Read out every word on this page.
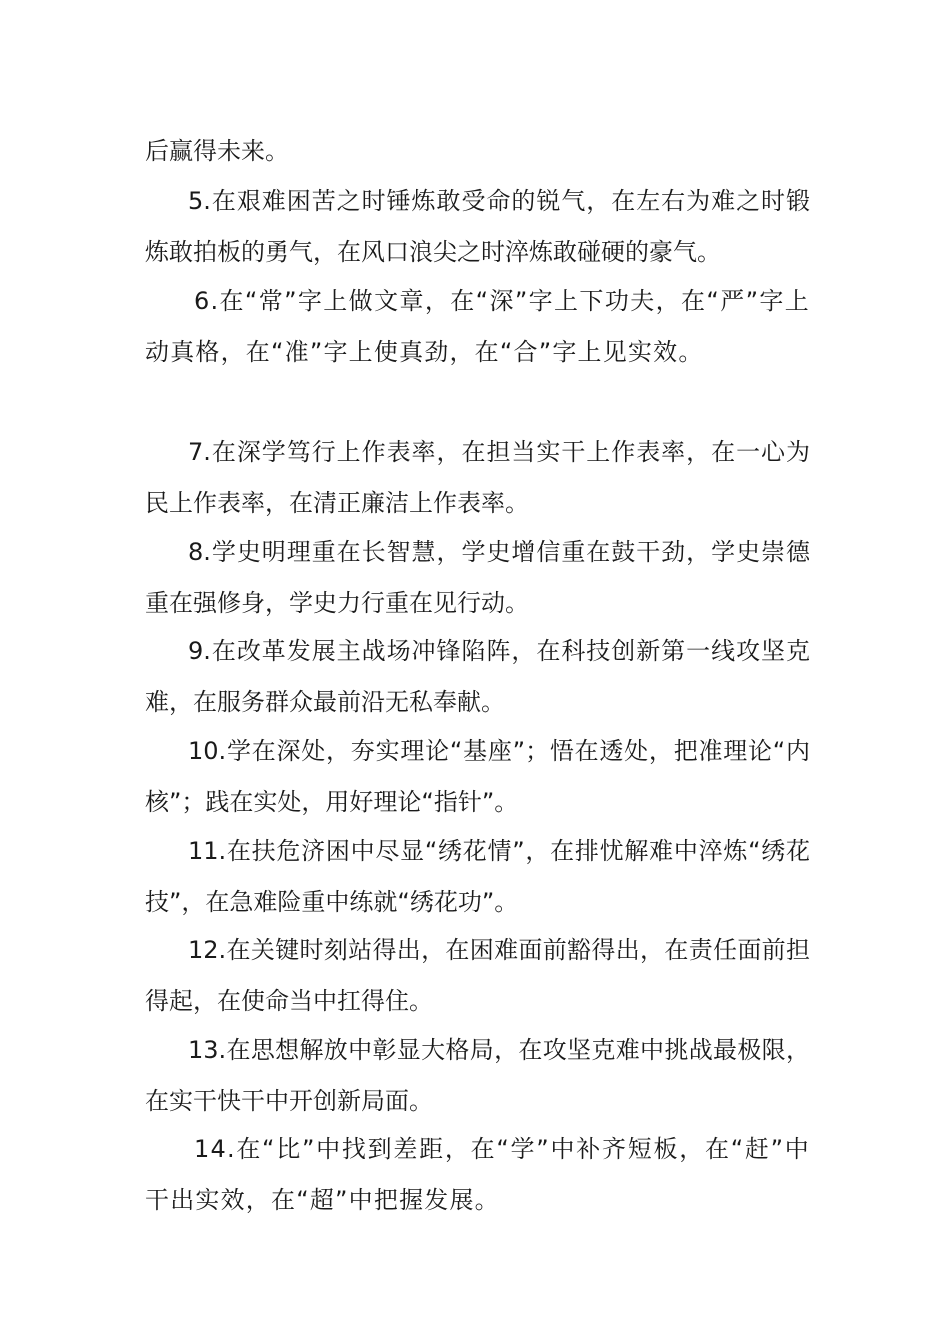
后赢得未来。

5.在艰难困苦之时锤炼敢受命的锐气，在左右为难之时锻炼敢拍板的勇气，在风口浪尖之时淬炼敢碰硬的豪气。

6.在“常”字上做文章，在“深”字上下功夫，在“严”字上动真格，在“准”字上使真劲，在“合”字上见实效。

7.在深学笃行上作表率，在担当实干上作表率，在一心为民上作表率，在清正廉洁上作表率。

8.学史明理重在长智慧，学史增信重在鼓干劲，学史崇德重在强修身，学史力行重在见行动。

9.在改革发展主战场冲锋陷阵，在科技创新第一线攻坚克难，在服务群众最前沿无私奉献。

10.学在深处，夯实理论“基座”；悟在透处，把准理论“内核”；践在实处，用好理论“指针”。

11.在扶危济困中尽显“绣花情”，在排忧解难中淬炼“绣花技”，在急难险重中练就“绣花功”。

12.在关键时刻站得出，在困难面前豁得出，在责任面前担得起，在使命当中扛得住。

13.在思想解放中彰显大格局，在攻坚克难中挑战最极限，在实干快干中开创新局面。

14.在“比”中找到差距，在“学”中补齐短板，在“赶”中干出实效，在“超”中把握发展。
